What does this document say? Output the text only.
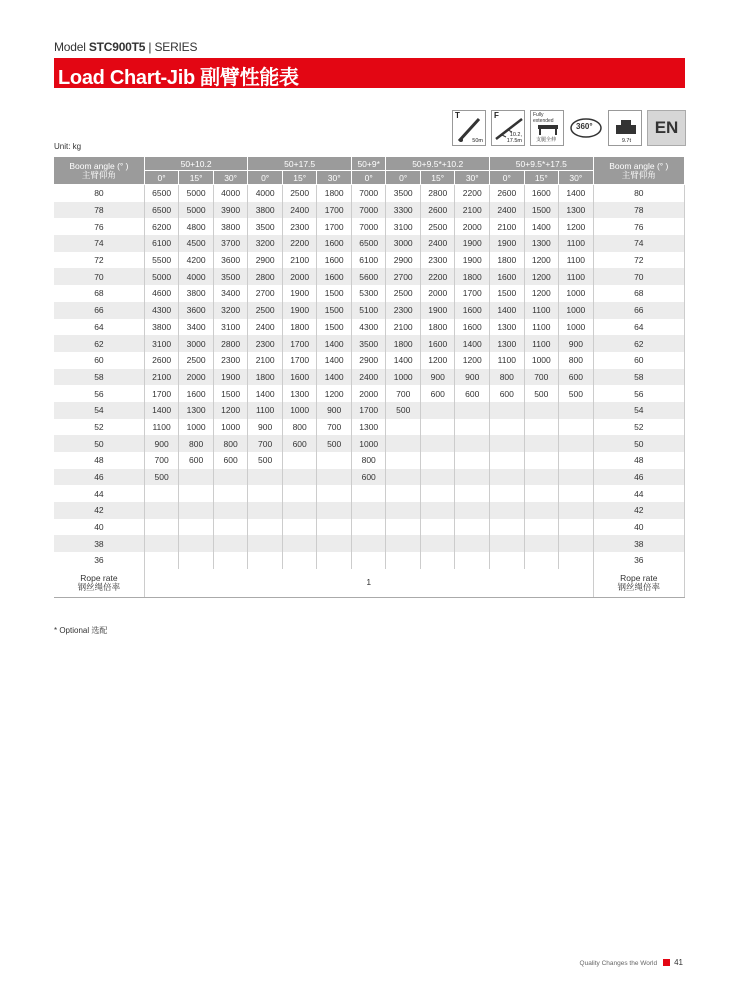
Model STC900T5 | SERIES
Load Chart-Jib 副臂性能表
T
50m
F
10.2,
17.5m
Fully extended
支腿全伸
360°
9.7t
EN
Unit: kg
Boom angle (° )
主臂仰角	50+10.2			50+17.5			50+9*	50+9.5*+10.2			50+9.5*+17.5			Boom angle (° )
主臂仰角
	0°	15°	30°	0°	15°	30°	0°	0°	15°	30°	0°	15°	30°	
80	6500	5000	4000	4000	2500	1800	7000	3500	2800	2200	2600	1600	1400	80
78	6500	5000	3900	3800	2400	1700	7000	3300	2600	2100	2400	1500	1300	78
76	6200	4800	3800	3500	2300	1700	7000	3100	2500	2000	2100	1400	1200	76
74	6100	4500	3700	3200	2200	1600	6500	3000	2400	1900	1900	1300	1100	74
72	5500	4200	3600	2900	2100	1600	6100	2900	2300	1900	1800	1200	1100	72
70	5000	4000	3500	2800	2000	1600	5600	2700	2200	1800	1600	1200	1100	70
68	4600	3800	3400	2700	1900	1500	5300	2500	2000	1700	1500	1200	1000	68
66	4300	3600	3200	2500	1900	1500	5100	2300	1900	1600	1400	1100	1000	66
64	3800	3400	3100	2400	1800	1500	4300	2100	1800	1600	1300	1100	1000	64
62	3100	3000	2800	2300	1700	1400	3500	1800	1600	1400	1300	1100	900	62
60	2600	2500	2300	2100	1700	1400	2900	1400	1200	1200	1100	1000	800	60
58	2100	2000	1900	1800	1600	1400	2400	1000	900	900	800	700	600	58
56	1700	1600	1500	1400	1300	1200	2000	700	600	600	600	500	500	56
54	1400	1300	1200	1100	1000	900	1700	500						54
52	1100	1000	1000	900	800	700	1300							52
50	900	800	800	700	600	500	1000							50
48	700	600	600	500			800							48
46	500						600							46
44														44
42														42
40														40
38														38
36														36
Rope rate
钢丝绳倍率	1													Rope rate
钢丝绳倍率
* Optional 选配
Quality Changes the World 41
